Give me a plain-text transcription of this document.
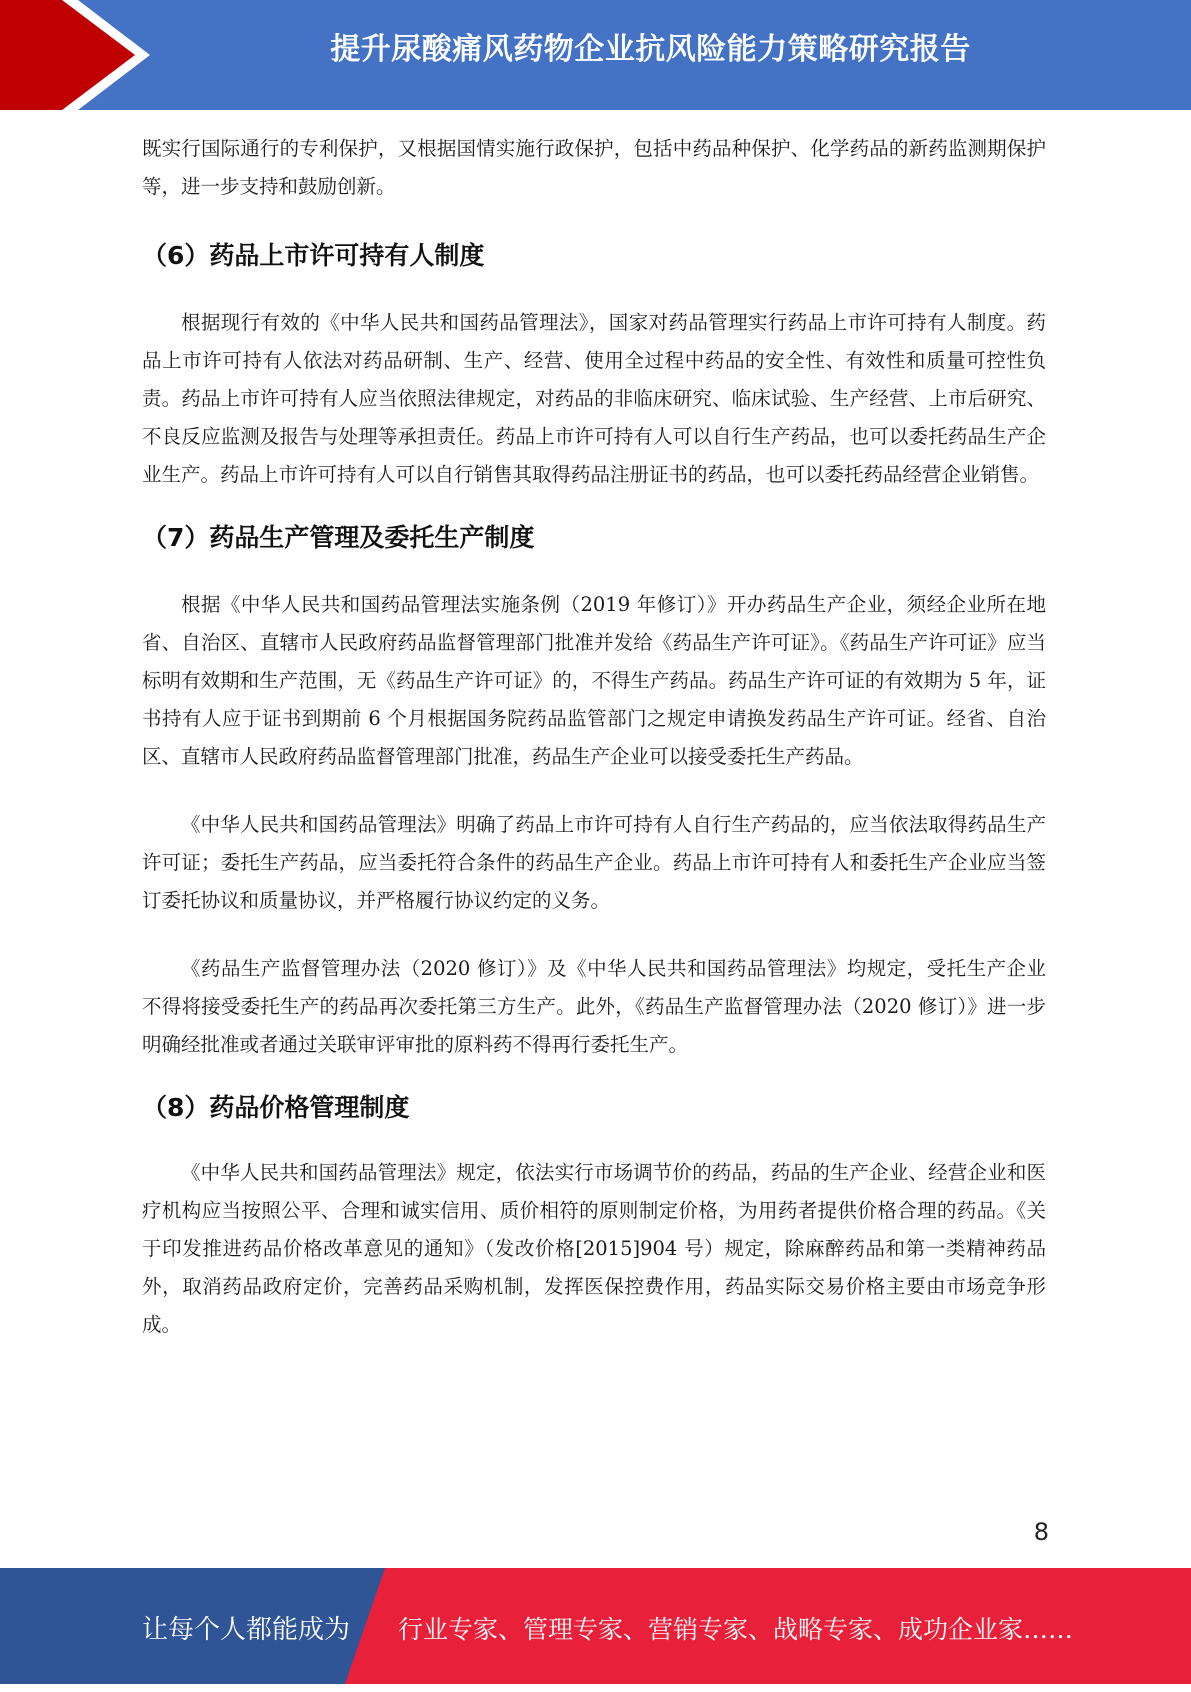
提升尿酸痛风药物企业抗风险能力策略研究报告

既实行国际通行的专利保护，又根据国情实施行政保护，包括中药品种保护、化学药品的新药监测期保护等，进一步支持和鼓励创新。

（6）药品上市许可持有人制度

根据现行有效的《中华人民共和国药品管理法》，国家对药品管理实行药品上市许可持有人制度。药品上市许可持有人依法对药品研制、生产、经营、使用全过程中药品的安全性、有效性和质量可控性负责。药品上市许可持有人应当依照法律规定，对药品的非临床研究、临床试验、生产经营、上市后研究、不良反应监测及报告与处理等承担责任。药品上市许可持有人可以自行生产药品，也可以委托药品生产企业生产。药品上市许可持有人可以自行销售其取得药品注册证书的药品，也可以委托药品经营企业销售。

（7）药品生产管理及委托生产制度

根据《中华人民共和国药品管理法实施条例（2019 年修订）》开办药品生产企业，须经企业所在地省、自治区、直辖市人民政府药品监督管理部门批准并发给《药品生产许可证》。《药品生产许可证》应当标明有效期和生产范围，无《药品生产许可证》的，不得生产药品。药品生产许可证的有效期为 5 年，证书持有人应于证书到期前 6 个月根据国务院药品监管部门之规定申请换发药品生产许可证。经省、自治区、直辖市人民政府药品监督管理部门批准，药品生产企业可以接受委托生产药品。

《中华人民共和国药品管理法》明确了药品上市许可持有人自行生产药品的，应当依法取得药品生产许可证；委托生产药品，应当委托符合条件的药品生产企业。药品上市许可持有人和委托生产企业应当签订委托协议和质量协议，并严格履行协议约定的义务。

《药品生产监督管理办法（2020 修订）》及《中华人民共和国药品管理法》均规定，受托生产企业不得将接受委托生产的药品再次委托第三方生产。此外，《药品生产监督管理办法（2020 修订）》进一步明确经批准或者通过关联审评审批的原料药不得再行委托生产。

（8）药品价格管理制度

《中华人民共和国药品管理法》规定，依法实行市场调节价的药品，药品的生产企业、经营企业和医疗机构应当按照公平、合理和诚实信用、质价相符的原则制定价格，为用药者提供价格合理的药品。《关于印发推进药品价格改革意见的通知》（发改价格[2015]904 号）规定，除麻醉药品和第一类精神药品外，取消药品政府定价，完善药品采购机制，发挥医保控费作用，药品实际交易价格主要由市场竞争形成。

8
让每个人都能成为 行业专家、管理专家、营销专家、战略专家、成功企业家……
